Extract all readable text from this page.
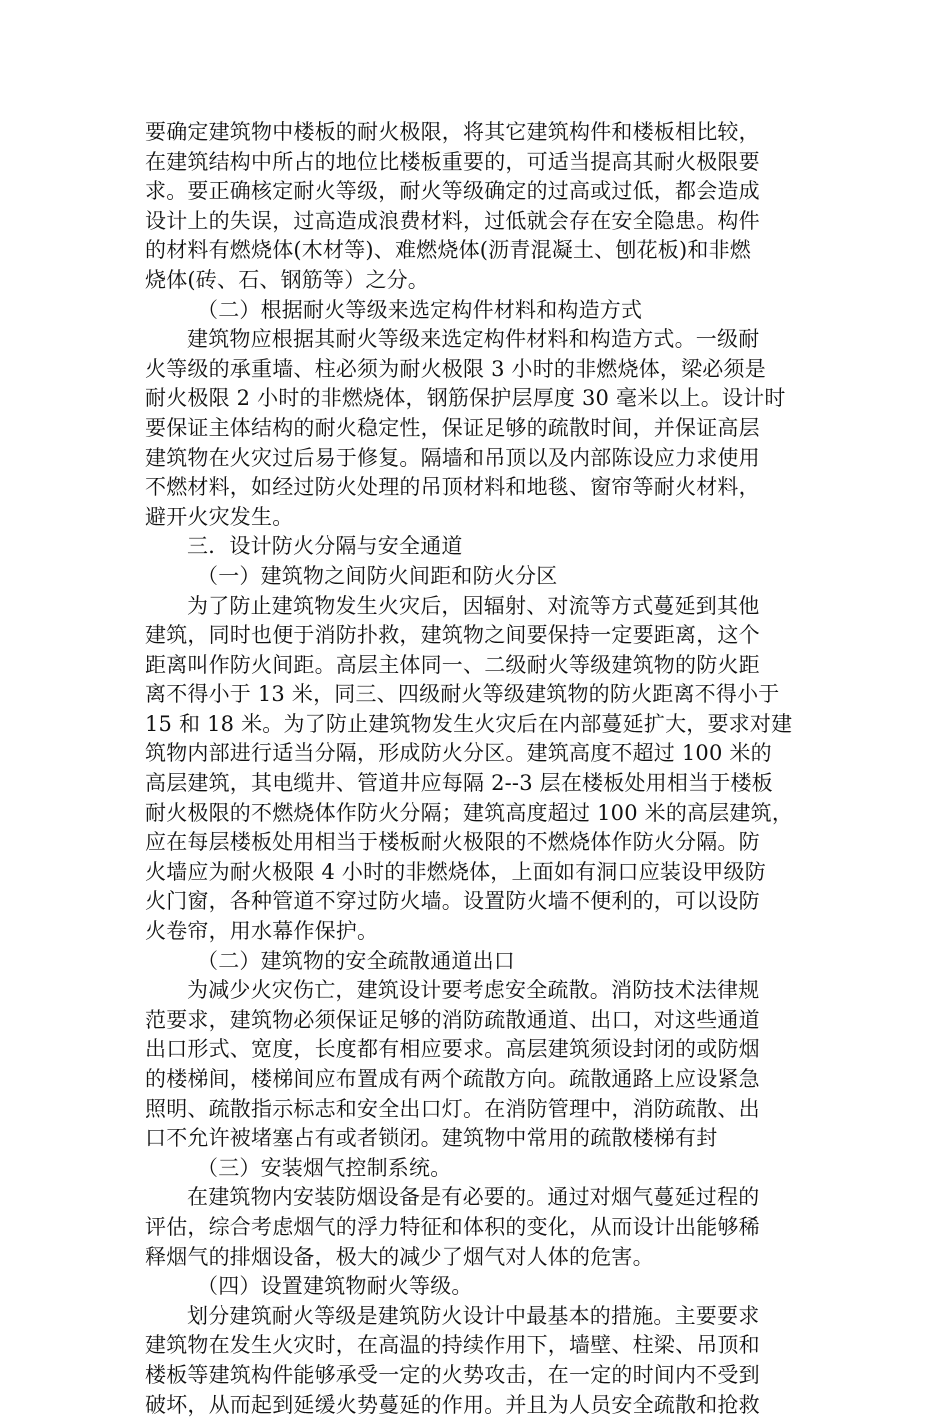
要确定建筑物中楼板的耐火极限，将其它建筑构件和楼板相比较，
在建筑结构中所占的地位比楼板重要的，可适当提高其耐火极限要
求。要正确核定耐火等级，耐火等级确定的过高或过低，都会造成
设计上的失误，过高造成浪费材料，过低就会存在安全隐患。构件
的材料有燃烧体(木材等)、难燃烧体(沥青混凝土、刨花板)和非燃
烧体(砖、石、钢筋等）之分。
（二）根据耐火等级来选定构件材料和构造方式
建筑物应根据其耐火等级来选定构件材料和构造方式。一级耐
火等级的承重墙、柱必须为耐火极限 3 小时的非燃烧体，梁必须是
耐火极限 2 小时的非燃烧体，钢筋保护层厚度 30 毫米以上。设计时
要保证主体结构的耐火稳定性，保证足够的疏散时间，并保证高层
建筑物在火灾过后易于修复。隔墙和吊顶以及内部陈设应力求使用
不燃材料，如经过防火处理的吊顶材料和地毯、窗帘等耐火材料，
避开火灾发生。
三．设计防火分隔与安全通道
（一）建筑物之间防火间距和防火分区
为了防止建筑物发生火灾后，因辐射、对流等方式蔓延到其他
建筑，同时也便于消防扑救，建筑物之间要保持一定要距离，这个
距离叫作防火间距。高层主体同一、二级耐火等级建筑物的防火距
离不得小于 13 米，同三、四级耐火等级建筑物的防火距离不得小于
15 和 18 米。为了防止建筑物发生火灾后在内部蔓延扩大，要求对建
筑物内部进行适当分隔，形成防火分区。建筑高度不超过 100 米的
高层建筑，其电缆井、管道井应每隔 2--3 层在楼板处用相当于楼板
耐火极限的不燃烧体作防火分隔；建筑高度超过 100 米的高层建筑，
应在每层楼板处用相当于楼板耐火极限的不燃烧体作防火分隔。防
火墙应为耐火极限 4 小时的非燃烧体，上面如有洞口应装设甲级防
火门窗，各种管道不穿过防火墙。设置防火墙不便利的，可以设防
火卷帘，用水幕作保护。
（二）建筑物的安全疏散通道出口
为减少火灾伤亡，建筑设计要考虑安全疏散。消防技术法律规
范要求，建筑物必须保证足够的消防疏散通道、出口，对这些通道
出口形式、宽度，长度都有相应要求。高层建筑须设封闭的或防烟
的楼梯间，楼梯间应布置成有两个疏散方向。疏散通路上应设紧急
照明、疏散指示标志和安全出口灯。在消防管理中，消防疏散、出
口不允许被堵塞占有或者锁闭。建筑物中常用的疏散楼梯有封
（三）安装烟气控制系统。
在建筑物内安装防烟设备是有必要的。通过对烟气蔓延过程的
评估，综合考虑烟气的浮力特征和体积的变化，从而设计出能够稀
释烟气的排烟设备，极大的减少了烟气对人体的危害。
（四）设置建筑物耐火等级。
划分建筑耐火等级是建筑防火设计中最基本的措施。主要要求
建筑物在发生火灾时，在高温的持续作用下，墙壁、柱梁、吊顶和
楼板等建筑构件能够承受一定的火势攻击，在一定的时间内不受到
破坏，从而起到延缓火势蔓延的作用。并且为人员安全疏散和抢救
